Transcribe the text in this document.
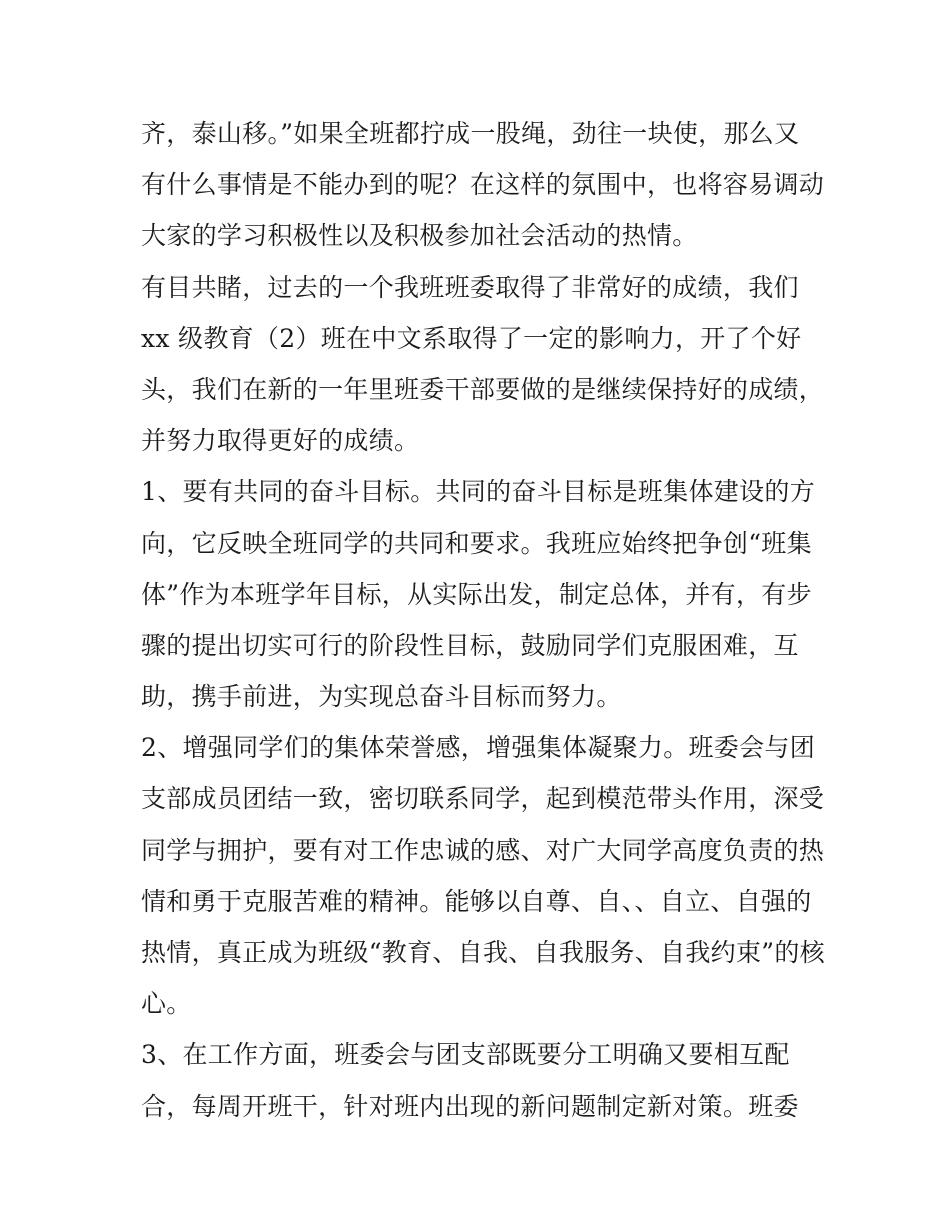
齐，泰山移。”如果全班都拧成一股绳，劲往一块使，那么又
有什么事情是不能办到的呢？在这样的氛围中，也将容易调动
大家的学习积极性以及积极参加社会活动的热情。
有目共睹，过去的一个我班班委取得了非常好的成绩，我们
xx 级教育（2）班在中文系取得了一定的影响力，开了个好
头，我们在新的一年里班委干部要做的是继续保持好的成绩，
并努力取得更好的成绩。
1、要有共同的奋斗目标。共同的奋斗目标是班集体建设的方
向，它反映全班同学的共同和要求。我班应始终把争创“班集
体”作为本班学年目标，从实际出发，制定总体，并有，有步
骤的提出切实可行的阶段性目标，鼓励同学们克服困难，互
助，携手前进，为实现总奋斗目标而努力。
2、增强同学们的集体荣誉感，增强集体凝聚力。班委会与团
支部成员团结一致，密切联系同学，起到模范带头作用，深受
同学与拥护，要有对工作忠诚的感、对广大同学高度负责的热
情和勇于克服苦难的精神。能够以自尊、自、、自立、自强的
热情，真正成为班级“教育、自我、自我服务、自我约束”的核
心。
3、在工作方面，班委会与团支部既要分工明确又要相互配
合，每周开班干，针对班内出现的新问题制定新对策。班委
